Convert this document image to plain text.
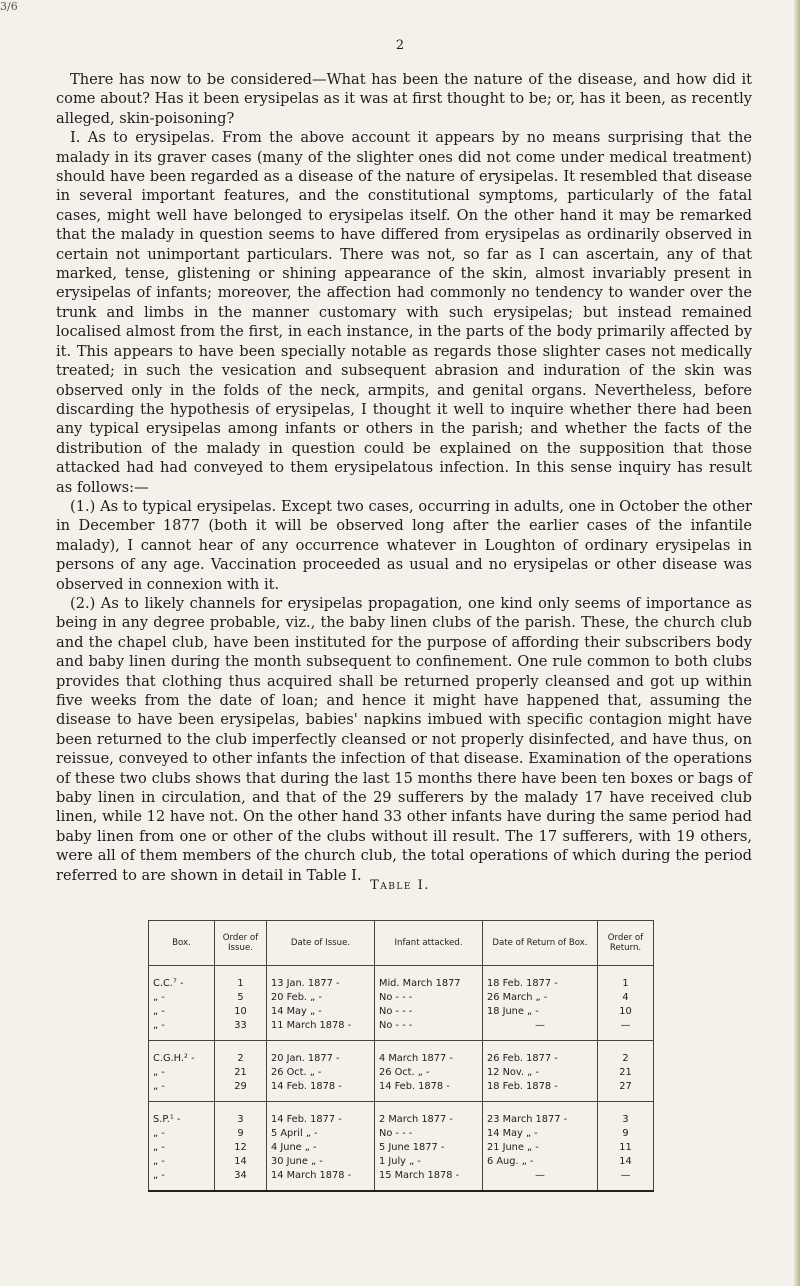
3/6
2

There has now to be considered—What has been the nature of the disease, and how did it come about? Has it been erysipelas as it was at first thought to be; or, has it been, as recently alleged, skin-poisoning?

I. As to erysipelas. From the above account it appears by no means surprising that the malady in its graver cases (many of the slighter ones did not come under medical treatment) should have been regarded as a disease of the nature of erysipelas. It resembled that disease in several important features, and the constitutional symptoms, particularly of the fatal cases, might well have belonged to erysipelas itself. On the other hand it may be remarked that the malady in question seems to have differed from erysipelas as ordinarily observed in certain not unimportant particulars. There was not, so far as I can ascertain, any of that marked, tense, glistening or shining appearance of the skin, almost invariably present in erysipelas of infants; moreover, the affection had commonly no tendency to wander over the trunk and limbs in the manner customary with such erysipelas; but instead remained localised almost from the first, in each instance, in the parts of the body primarily affected by it. This appears to have been specially notable as regards those slighter cases not medically treated; in such the vesication and subsequent abrasion and induration of the skin was observed only in the folds of the neck, armpits, and genital organs. Nevertheless, before discarding the hypothesis of erysipelas, I thought it well to inquire whether there had been any typical erysipelas among infants or others in the parish; and whether the facts of the distribution of the malady in question could be explained on the supposition that those attacked had had conveyed to them erysipelatous infection. In this sense inquiry has result as follows:—

(1.) As to typical erysipelas. Except two cases, occurring in adults, one in October the other in December 1877 (both it will be observed long after the earlier cases of the infantile malady), I cannot hear of any occurrence whatever in Loughton of ordinary erysipelas in persons of any age. Vaccination proceeded as usual and no erysipelas or other disease was observed in connexion with it.

(2.) As to likely channels for erysipelas propagation, one kind only seems of importance as being in any degree probable, viz., the baby linen clubs of the parish. These, the church club and the chapel club, have been instituted for the purpose of affording their subscribers body and baby linen during the month subsequent to confinement. One rule common to both clubs provides that clothing thus acquired shall be returned properly cleansed and got up within five weeks from the date of loan; and hence it might have happened that, assuming the disease to have been erysipelas, babies' napkins imbued with specific contagion might have been returned to the club imperfectly cleansed or not properly disinfected, and have thus, on reissue, conveyed to other infants the infection of that disease. Examination of the operations of these two clubs shows that during the last 15 months there have been ten boxes or bags of baby linen in circulation, and that of the 29 sufferers by the malady 17 have received club linen, while 12 have not. On the other hand 33 other infants have during the same period had baby linen from one or other of the clubs without ill result. The 17 sufferers, with 19 others, were all of them members of the church club, the total operations of which during the period referred to are shown in detail in Table I.

Table I.
Box.	Order of Issue.	Date of Issue.	Infant attacked.	Date of Return of Box.	Order of Return.

C.C.⁷ -	1	13 Jan. 1877 -	Mid. March 1877	18 Feb. 1877 -	1
„ -	5	20 Feb. „ -	No - - -	26 March „ -	4
„ -	10	14 May „ -	No - - -	18 June „ -	10
„ -	33	11 March 1878 -	No - - -	—	—

C.G.H.² -	2	20 Jan. 1877 -	4 March 1877 -	26 Feb. 1877 -	2
„ -	21	26 Oct. „ -	26 Oct. „ -	12 Nov. „ -	21
„ -	29	14 Feb. 1878 -	14 Feb. 1878 -	18 Feb. 1878 -	27

S.P.¹ -	3	14 Feb. 1877 -	2 March 1877 -	23 March 1877 -	3
„ -	9	5 April „ -	No - - -	14 May „ -	9
„ -	12	4 June „ -	5 June 1877 -	21 June „ -	11
„ -	14	30 June „ -	1 July „ -	6 Aug. „ -	14
„ -	34	14 March 1878 -	15 March 1878 -	—	—
